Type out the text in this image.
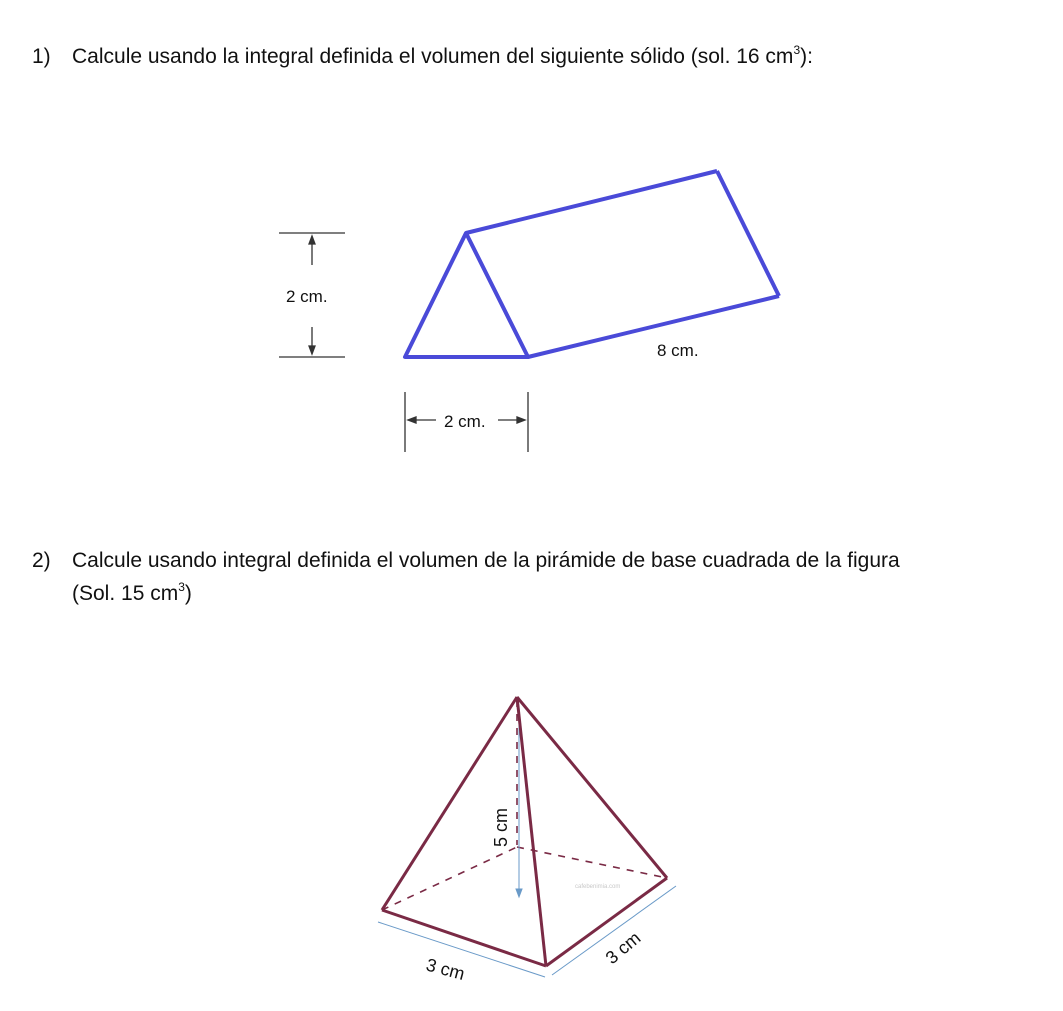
1) Calcule usando la integral definida el volumen del siguiente sólido (sol. 16 $cm^3$):
2 cm.
8 cm.
2 cm.
2) Calcule usando integral definida el volumen de la pirámide de base cuadrada de la figura
(Sol. 15 $cm^3$)
5 cm
3 cm
3 cm
cafebenimia.com
